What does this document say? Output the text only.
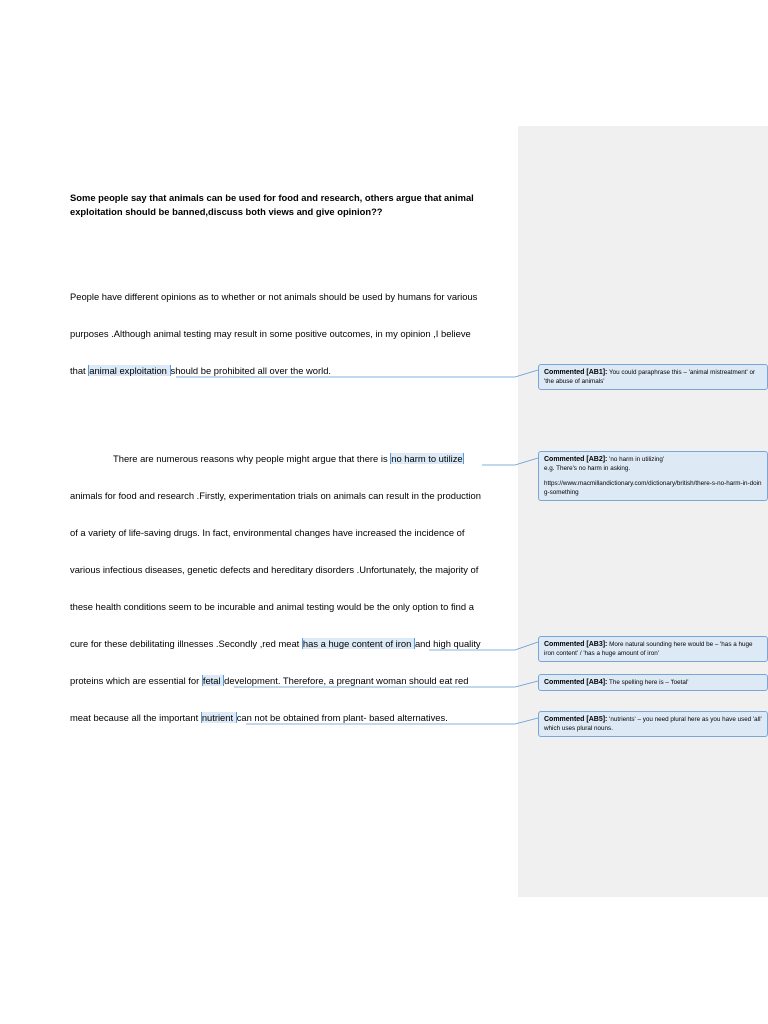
Some people say that animals can be used for food and research, others argue that animal exploitation should be banned,discuss both views and give opinion??
People have different opinions as to whether or not animals should be used by humans for various
purposes .Although animal testing may result in some positive outcomes, in my opinion ,I believe
that animal exploitation should be prohibited all over the world.
There are numerous reasons why people might argue that there is no harm to utilize
animals for food and research .Firstly, experimentation trials on animals can result in the production
of a variety of life-saving drugs. In fact, environmental changes have increased the incidence of
various infectious diseases, genetic defects and hereditary disorders .Unfortunately, the majority of
these health conditions seem to be incurable and animal testing would be the only option to find a
cure for these debilitating illnesses .Secondly ,red meat has a huge content of iron and high quality
proteins which are essential for fetal development. Therefore, a pregnant woman should eat red
meat because all the important nutrient can not be obtained from plant- based alternatives.
Commented [AB1]: You could paraphrase this – 'animal mistreatment' or 'the abuse of animals'
Commented [AB2]: 'no harm in utilizing'
e.g. There's no harm in asking.
https://www.macmillandictionary.com/dictionary/british/there-s-no-harm-in-doing-something
Commented [AB3]: More natural sounding here would be – 'has a huge iron content' / 'has a huge amount of iron'
Commented [AB4]: The spelling here is – 'foetal'
Commented [AB5]: 'nutrients' – you need plural here as you have used 'all' which uses plural nouns.
